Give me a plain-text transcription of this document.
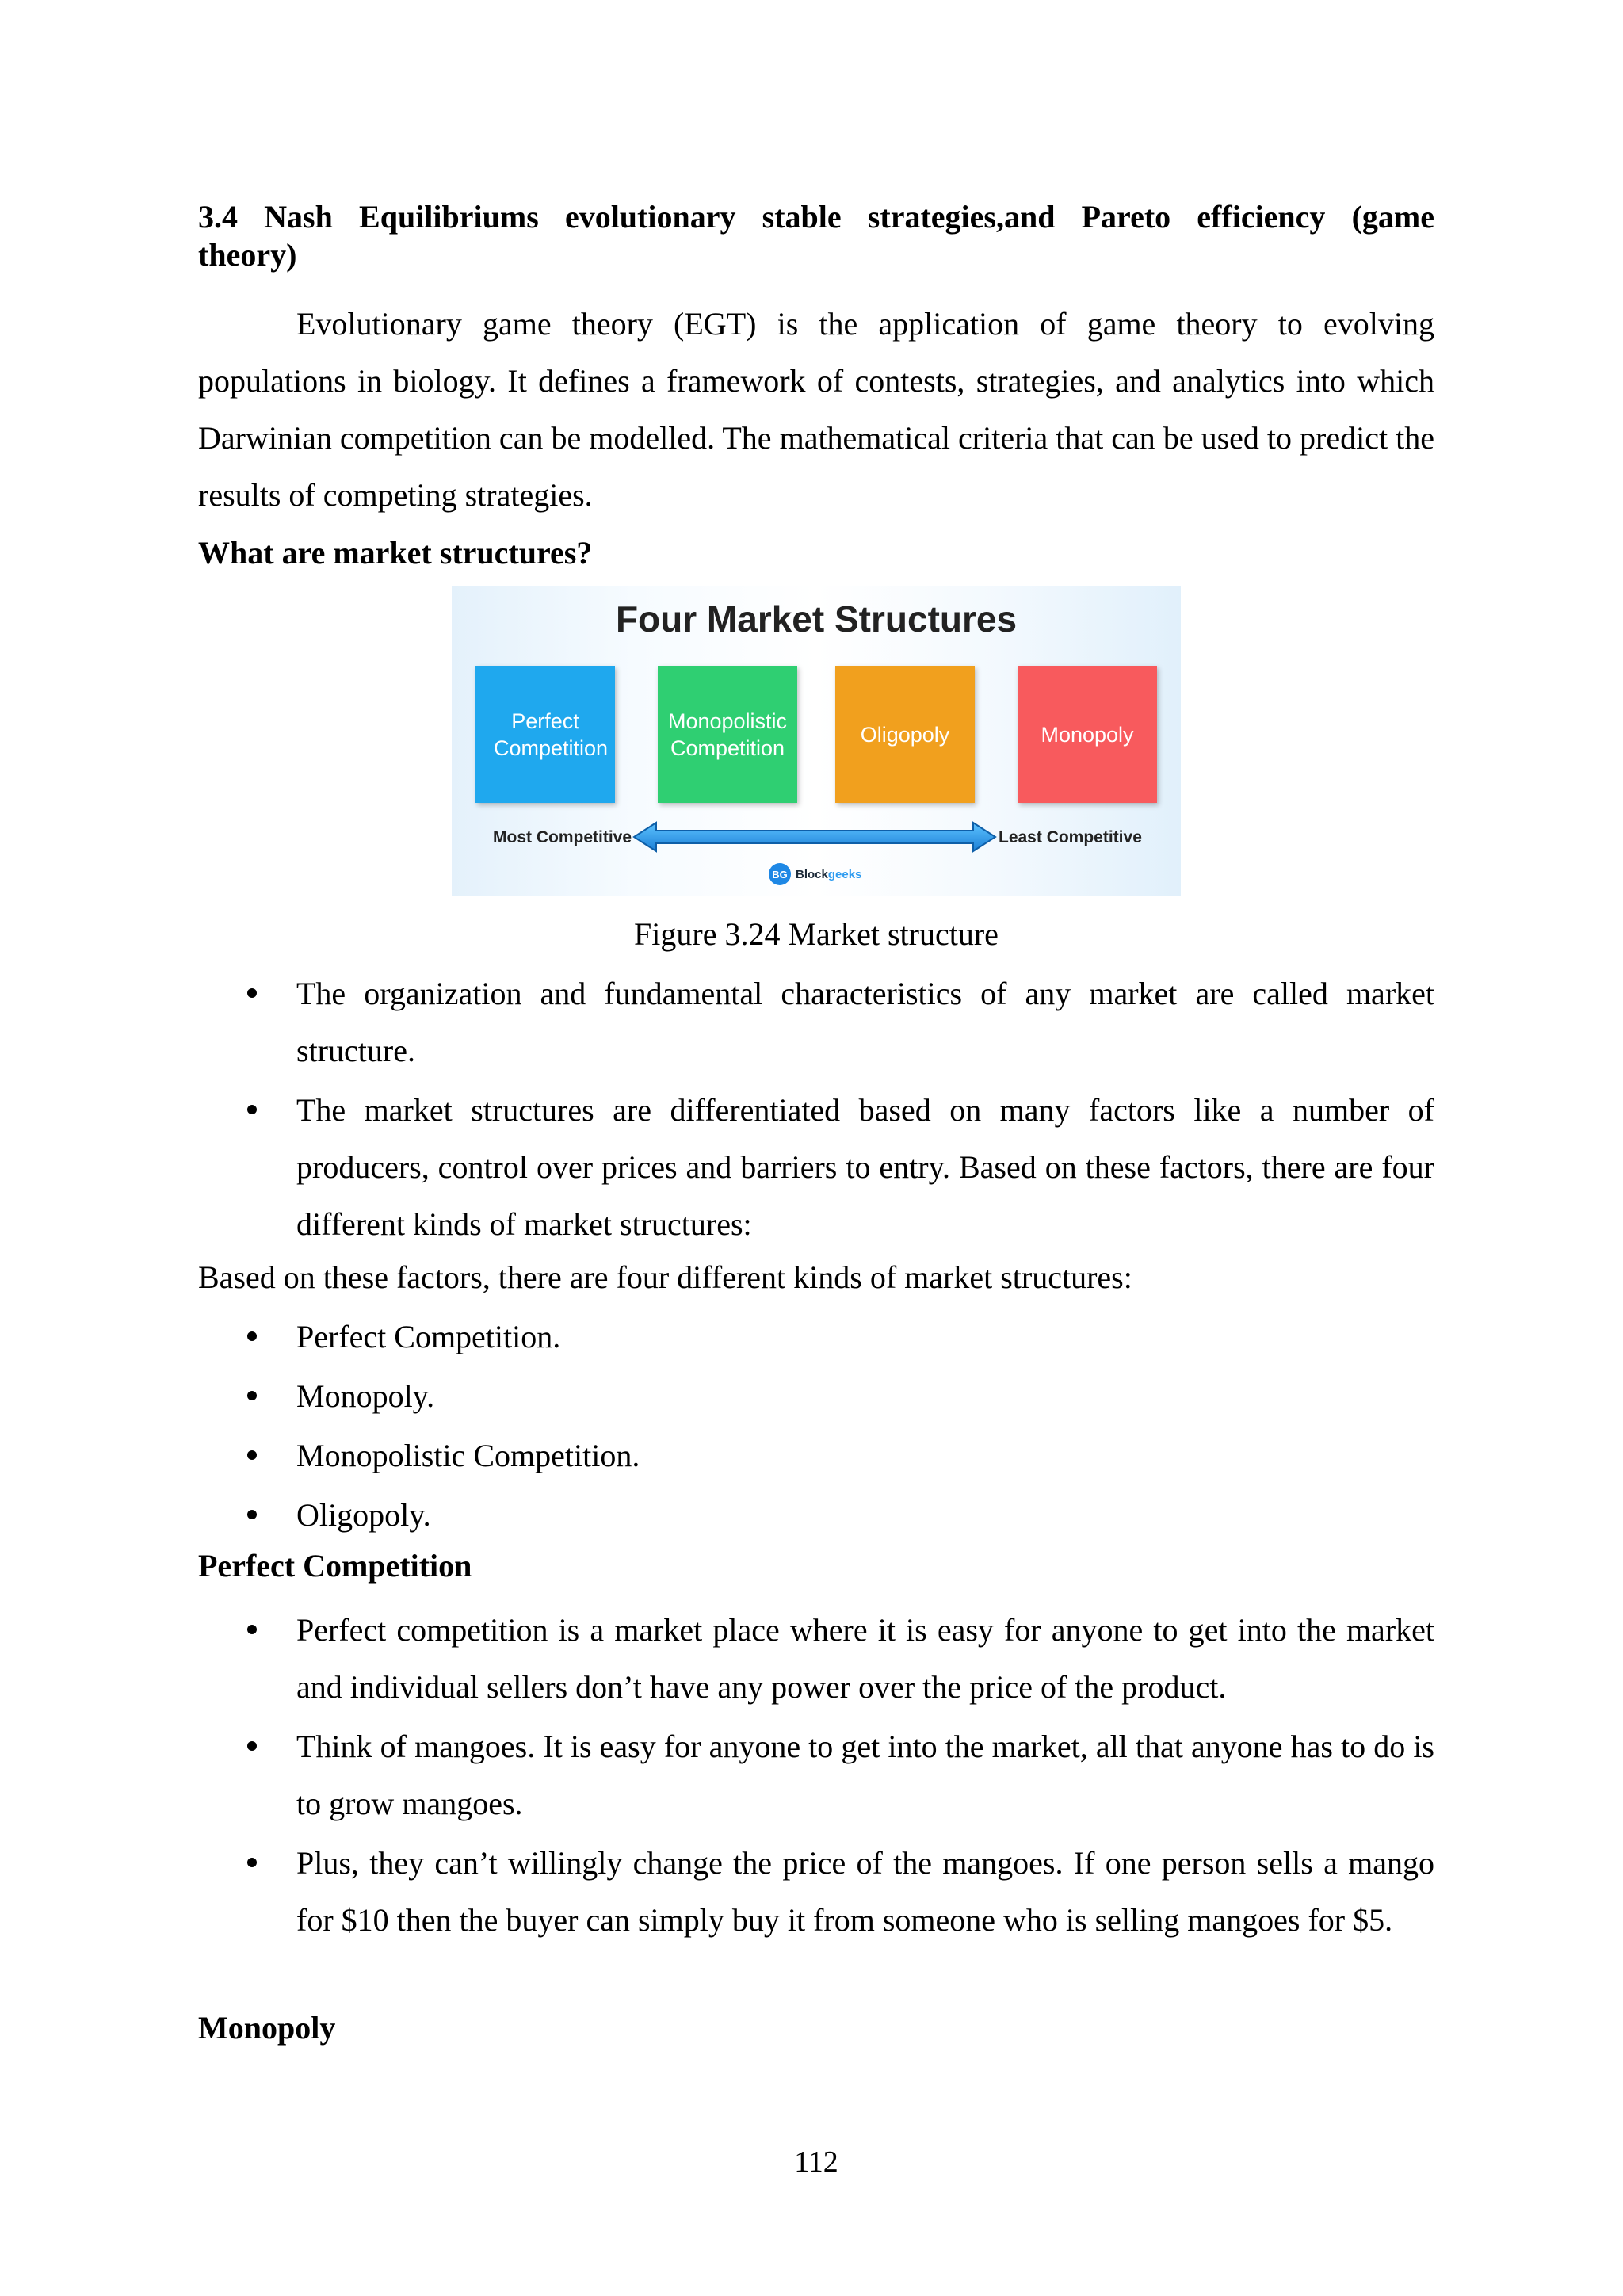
3.4 Nash Equilibriums evolutionary stable strategies,and Pareto efficiency (game
theory)
Evolutionary game theory (EGT) is the application of game theory to evolving populations in biology. It defines a framework of contests, strategies, and analytics into which Darwinian competition can be modelled. The mathematical criteria that can be used to predict the results of competing strategies.
What are market structures?
Four Market Structures
Perfect Competition
Monopolistic Competition
Oligopoly	Monopoly
Most Competitive	Least Competitive
BG Blockgeeks
Figure 3.24 Market structure
The organization and fundamental characteristics of any market are called market structure.
The market structures are differentiated based on many factors like a number of producers, control over prices and barriers to entry. Based on these factors, there are four different kinds of market structures:
Based on these factors, there are four different kinds of market structures:
Perfect Competition.
Monopoly.
Monopolistic Competition.
Oligopoly.
Perfect Competition
Perfect competition is a market place where it is easy for anyone to get into the market and individual sellers don’t have any power over the price of the product.
Think of mangoes. It is easy for anyone to get into the market, all that anyone has to do is to grow mangoes.
Plus, they can’t willingly change the price of the mangoes. If one person sells a mango for $10 then the buyer can simply buy it from someone who is selling mangoes for $5.
Monopoly
112
